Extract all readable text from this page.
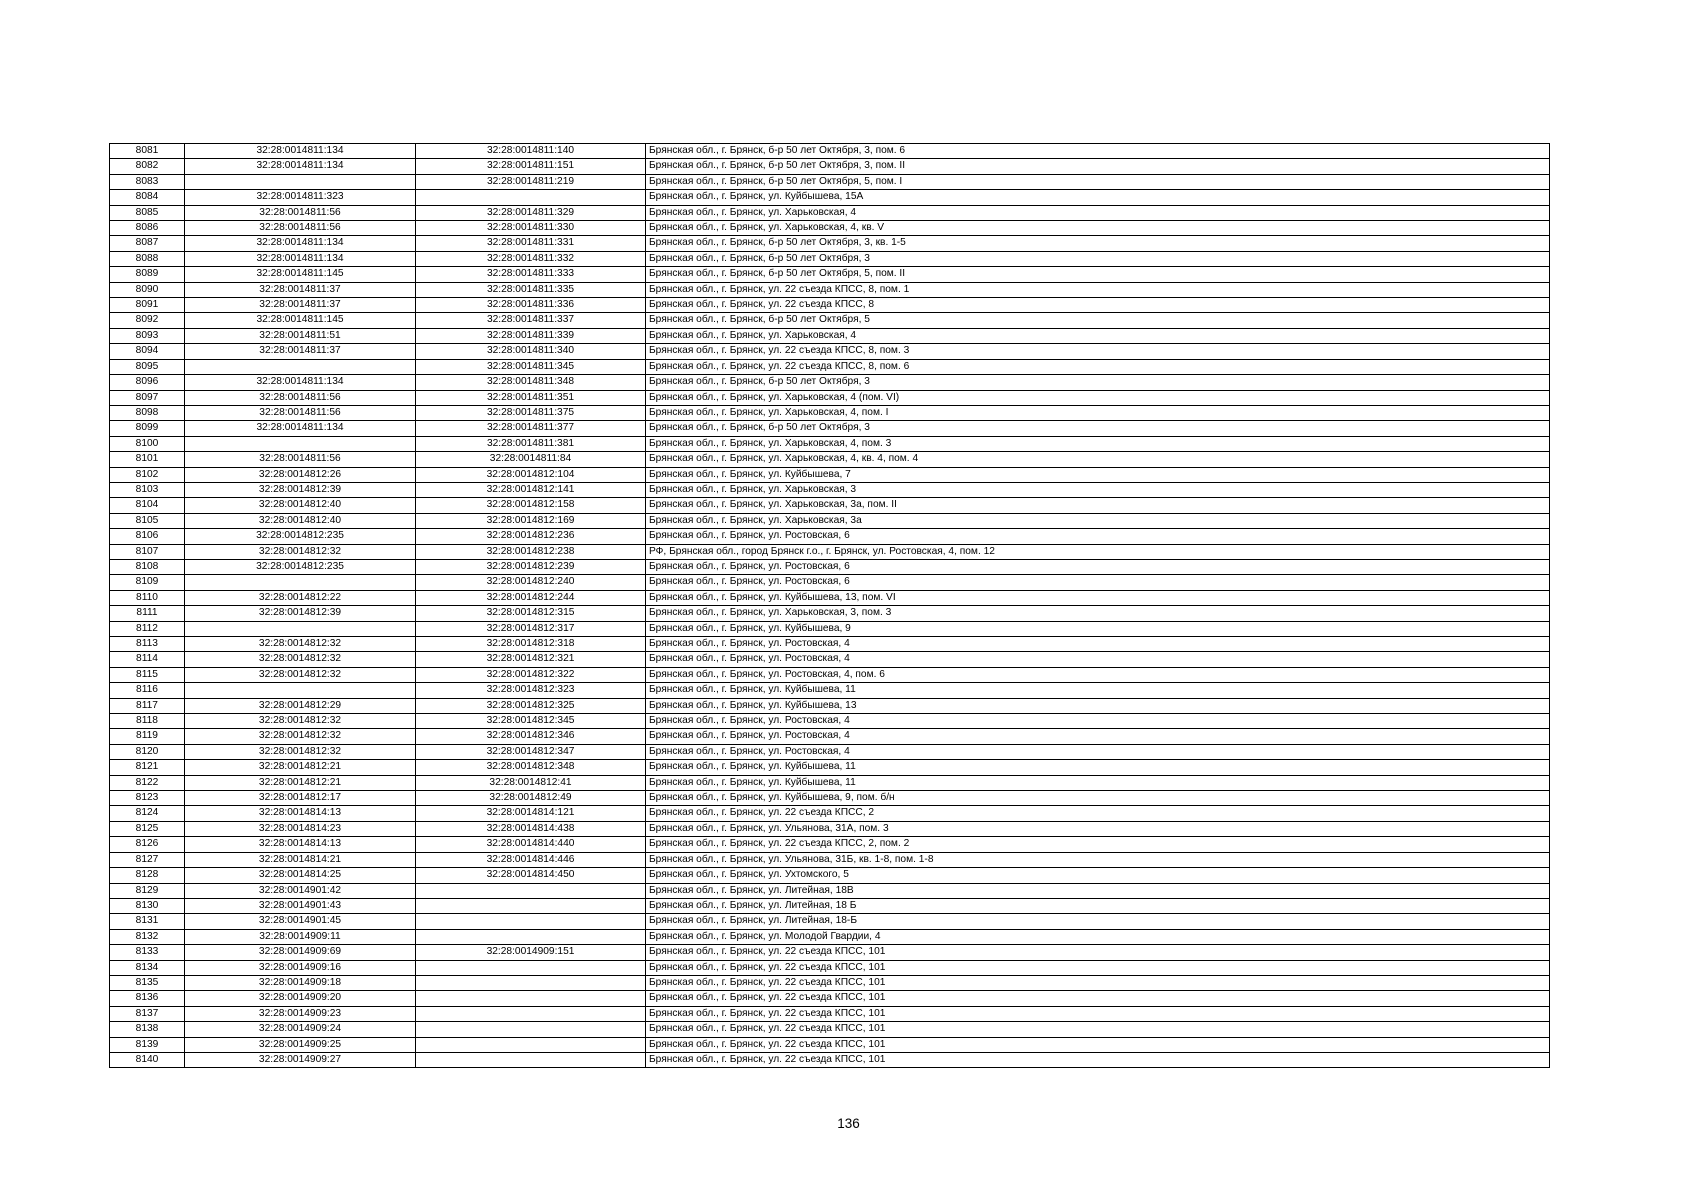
8081	32:28:0014811:134	32:28:0014811:140	Брянская обл., г. Брянск, б-р 50 лет Октября, 3, пом. 6
8082	32:28:0014811:134	32:28:0014811:151	Брянская обл., г. Брянск, б-р 50 лет Октября, 3, пом. II
8083		32:28:0014811:219	Брянская обл., г. Брянск, б-р 50 лет Октября, 5, пом. I
8084	32:28:0014811:323		Брянская обл., г. Брянск, ул. Куйбышева, 15А
8085	32:28:0014811:56	32:28:0014811:329	Брянская обл., г. Брянск, ул. Харьковская, 4
8086	32:28:0014811:56	32:28:0014811:330	Брянская обл., г. Брянск, ул. Харьковская, 4, кв. V
8087	32:28:0014811:134	32:28:0014811:331	Брянская обл., г. Брянск, б-р 50 лет Октября, 3, кв. 1-5
8088	32:28:0014811:134	32:28:0014811:332	Брянская обл., г. Брянск, б-р 50 лет Октября, 3
8089	32:28:0014811:145	32:28:0014811:333	Брянская обл., г. Брянск, б-р 50 лет Октября, 5, пом. II
8090	32:28:0014811:37	32:28:0014811:335	Брянская обл., г. Брянск, ул. 22 съезда КПСС, 8, пом. 1
8091	32:28:0014811:37	32:28:0014811:336	Брянская обл., г. Брянск, ул. 22 съезда КПСС, 8
8092	32:28:0014811:145	32:28:0014811:337	Брянская обл., г. Брянск, б-р 50 лет Октября, 5
8093	32:28:0014811:51	32:28:0014811:339	Брянская обл., г. Брянск, ул. Харьковская, 4
8094	32:28:0014811:37	32:28:0014811:340	Брянская обл., г. Брянск, ул. 22 съезда КПСС, 8, пом. 3
8095		32:28:0014811:345	Брянская обл., г. Брянск, ул. 22 съезда КПСС, 8, пом. 6
8096	32:28:0014811:134	32:28:0014811:348	Брянская обл., г. Брянск, б-р 50 лет Октября, 3
8097	32:28:0014811:56	32:28:0014811:351	Брянская обл., г. Брянск, ул. Харьковская, 4 (пом. VI)
8098	32:28:0014811:56	32:28:0014811:375	Брянская обл., г. Брянск, ул. Харьковская, 4, пом. I
8099	32:28:0014811:134	32:28:0014811:377	Брянская обл., г. Брянск, б-р 50 лет Октября, 3
8100		32:28:0014811:381	Брянская обл., г. Брянск, ул. Харьковская, 4, пом. 3
8101	32:28:0014811:56	32:28:0014811:84	Брянская обл., г. Брянск, ул. Харьковская, 4, кв. 4, пом. 4
8102	32:28:0014812:26	32:28:0014812:104	Брянская обл., г. Брянск, ул. Куйбышева, 7
8103	32:28:0014812:39	32:28:0014812:141	Брянская обл., г. Брянск, ул. Харьковская, 3
8104	32:28:0014812:40	32:28:0014812:158	Брянская обл., г. Брянск, ул. Харьковская, 3а, пом. II
8105	32:28:0014812:40	32:28:0014812:169	Брянская обл., г. Брянск, ул. Харьковская, 3а
8106	32:28:0014812:235	32:28:0014812:236	Брянская обл., г. Брянск, ул. Ростовская, 6
8107	32:28:0014812:32	32:28:0014812:238	РФ, Брянская обл., город Брянск г.о., г. Брянск, ул. Ростовская, 4, пом. 12
8108	32:28:0014812:235	32:28:0014812:239	Брянская обл., г. Брянск, ул. Ростовская, 6
8109		32:28:0014812:240	Брянская обл., г. Брянск, ул. Ростовская, 6
8110	32:28:0014812:22	32:28:0014812:244	Брянская обл., г. Брянск, ул. Куйбышева, 13, пом. VI
8111	32:28:0014812:39	32:28:0014812:315	Брянская обл., г. Брянск, ул. Харьковская, 3, пом. 3
8112		32:28:0014812:317	Брянская обл., г. Брянск, ул. Куйбышева, 9
8113	32:28:0014812:32	32:28:0014812:318	Брянская обл., г. Брянск, ул. Ростовская, 4
8114	32:28:0014812:32	32:28:0014812:321	Брянская обл., г. Брянск, ул. Ростовская, 4
8115	32:28:0014812:32	32:28:0014812:322	Брянская обл., г. Брянск, ул. Ростовская, 4, пом. 6
8116		32:28:0014812:323	Брянская обл., г. Брянск, ул. Куйбышева, 11
8117	32:28:0014812:29	32:28:0014812:325	Брянская обл., г. Брянск, ул. Куйбышева, 13
8118	32:28:0014812:32	32:28:0014812:345	Брянская обл., г. Брянск, ул. Ростовская, 4
8119	32:28:0014812:32	32:28:0014812:346	Брянская обл., г. Брянск, ул. Ростовская, 4
8120	32:28:0014812:32	32:28:0014812:347	Брянская обл., г. Брянск, ул. Ростовская, 4
8121	32:28:0014812:21	32:28:0014812:348	Брянская обл., г. Брянск, ул. Куйбышева, 11
8122	32:28:0014812:21	32:28:0014812:41	Брянская обл., г. Брянск, ул. Куйбышева, 11
8123	32:28:0014812:17	32:28:0014812:49	Брянская обл., г. Брянск, ул. Куйбышева, 9, пом. б/н
8124	32:28:0014814:13	32:28:0014814:121	Брянская обл., г. Брянск, ул. 22 съезда КПСС, 2
8125	32:28:0014814:23	32:28:0014814:438	Брянская обл., г. Брянск, ул. Ульянова, 31А, пом. 3
8126	32:28:0014814:13	32:28:0014814:440	Брянская обл., г. Брянск, ул. 22 съезда КПСС, 2, пом. 2
8127	32:28:0014814:21	32:28:0014814:446	Брянская обл., г. Брянск, ул. Ульянова, 31Б, кв. 1-8, пом. 1-8
8128	32:28:0014814:25	32:28:0014814:450	Брянская обл., г. Брянск, ул. Ухтомского, 5
8129	32:28:0014901:42		Брянская обл., г. Брянск, ул. Литейная, 18В
8130	32:28:0014901:43		Брянская обл., г. Брянск, ул. Литейная, 18 Б
8131	32:28:0014901:45		Брянская обл., г. Брянск, ул. Литейная, 18-Б
8132	32:28:0014909:11		Брянская обл., г. Брянск, ул. Молодой Гвардии, 4
8133	32:28:0014909:69	32:28:0014909:151	Брянская обл., г. Брянск, ул. 22 съезда КПСС, 101
8134	32:28:0014909:16		Брянская обл., г. Брянск, ул. 22 съезда КПСС, 101
8135	32:28:0014909:18		Брянская обл., г. Брянск, ул. 22 съезда КПСС, 101
8136	32:28:0014909:20		Брянская обл., г. Брянск, ул. 22 съезда КПСС, 101
8137	32:28:0014909:23		Брянская обл., г. Брянск, ул. 22 съезда КПСС, 101
8138	32:28:0014909:24		Брянская обл., г. Брянск, ул. 22 съезда КПСС, 101
8139	32:28:0014909:25		Брянская обл., г. Брянск, ул. 22 съезда КПСС, 101
8140	32:28:0014909:27		Брянская обл., г. Брянск, ул. 22 съезда КПСС, 101
136
